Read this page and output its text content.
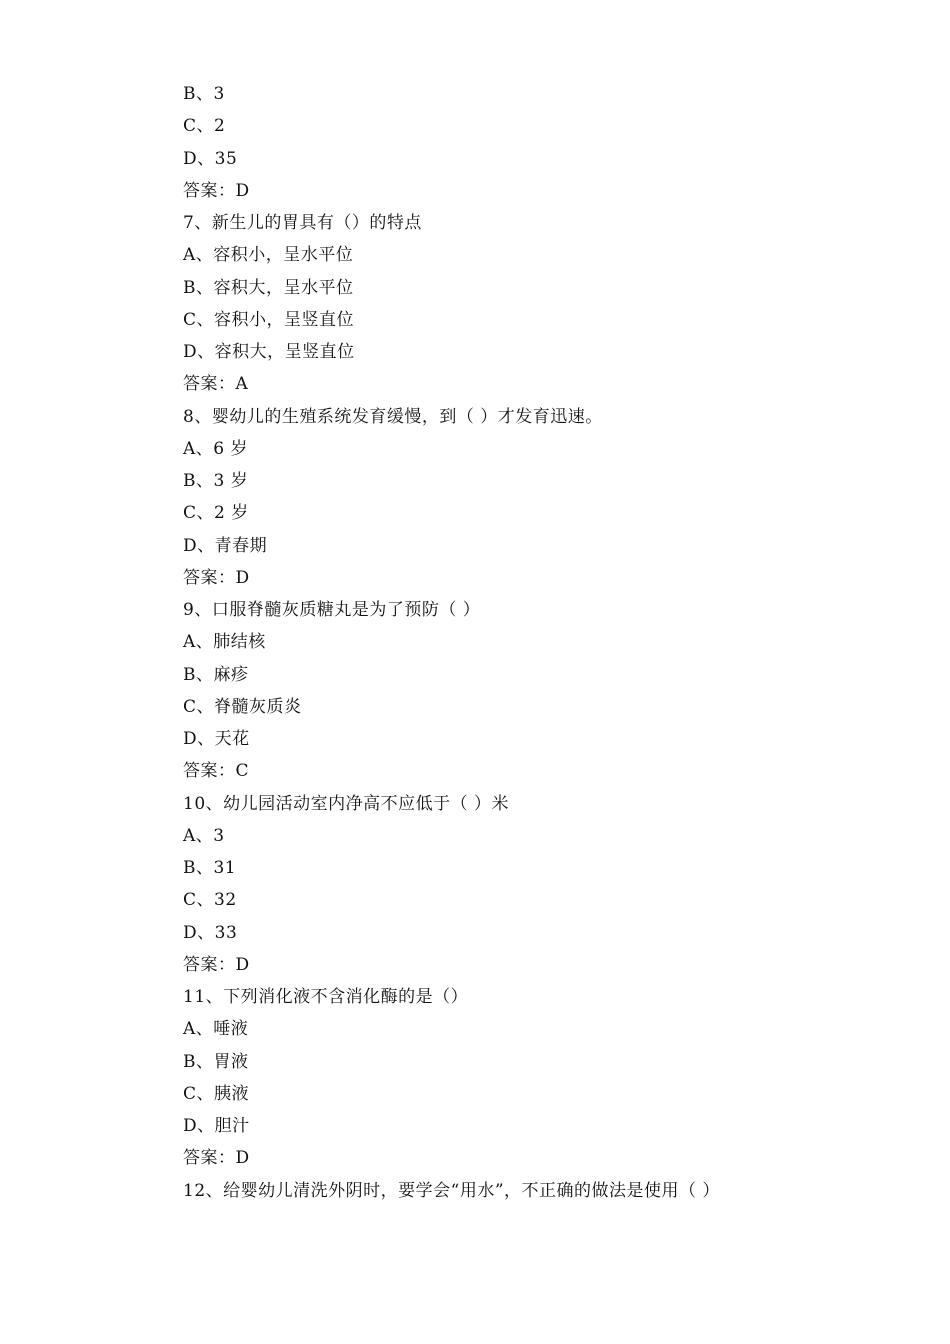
B、3
C、2
D、35
答案：D
7、新生儿的胃具有（）的特点
A、容积小，呈水平位
B、容积大，呈水平位
C、容积小，呈竖直位
D、容积大，呈竖直位
答案：A
8、婴幼儿的生殖系统发育缓慢，到（ ）才发育迅速。
A、6 岁
B、3 岁
C、2 岁
D、青春期
答案：D
9、口服脊髓灰质糖丸是为了预防（ ）
A、肺结核
B、麻疹
C、脊髓灰质炎
D、天花
答案：C
10、幼儿园活动室内净高不应低于（ ）米
A、3
B、31
C、32
D、33
答案：D
11、下列消化液不含消化酶的是（）
A、唾液
B、胃液
C、胰液
D、胆汁
答案：D
12、给婴幼儿清洗外阴时，要学会“用水”，不正确的做法是使用（ ）
